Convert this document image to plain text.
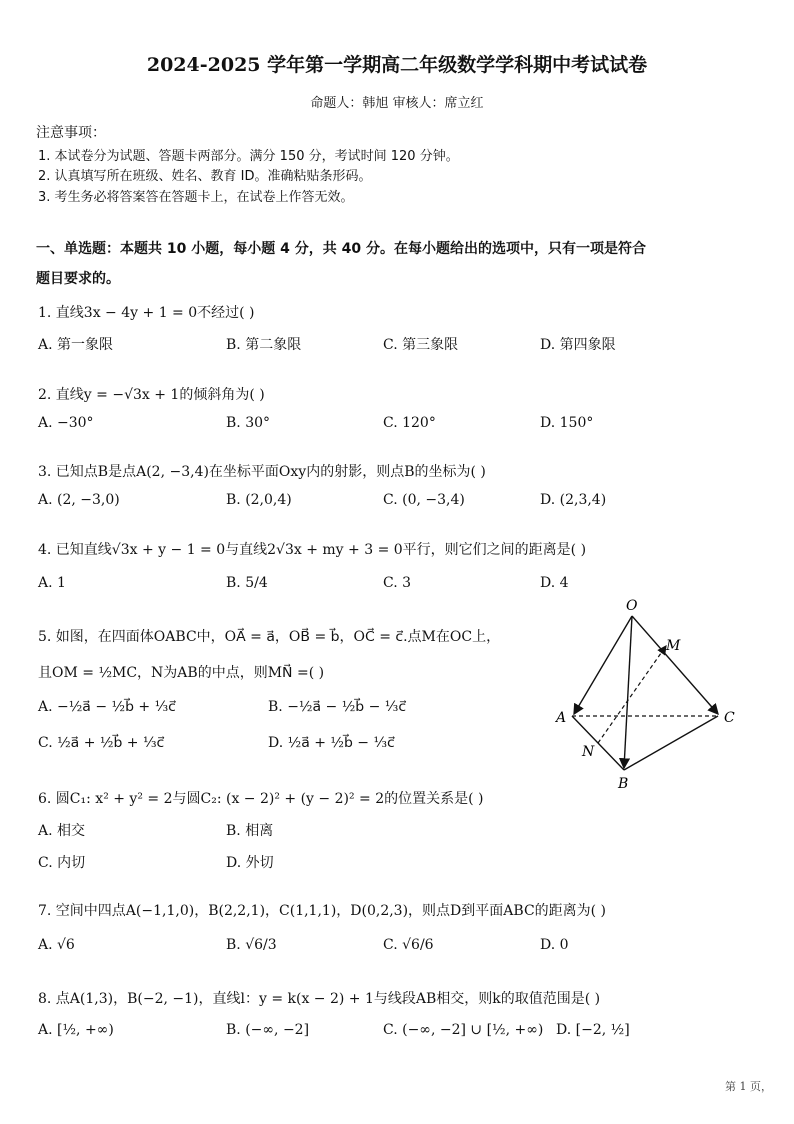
2024-2025 学年第一学期高二年级数学学科期中考试试卷
命题人：韩旭 审核人：席立红
注意事项：
1. 本试卷分为试题、答题卡两部分。满分 150 分，考试时间 120 分钟。
2. 认真填写所在班级、姓名、教育 ID。准确粘贴条形码。
3. 考生务必将答案答在答题卡上，在试卷上作答无效。
一、单选题：本题共 10 小题，每小题 4 分，共 40 分。在每小题给出的选项中，只有一项是符合
题目要求的。
1. 直线3x − 4y + 1 = 0不经过( )
A. 第一象限	B. 第二象限	C. 第三象限	D. 第四象限
2. 直线y = −√3x + 1的倾斜角为( )
A. −30°	B. 30°	C. 120°	D. 150°
3. 已知点B是点A(2, −3,4)在坐标平面Oxy内的射影，则点B的坐标为( )
A. (2, −3,0)	B. (2,0,4)	C. (0, −3,4)	D. (2,3,4)
4. 已知直线√3x + y − 1 = 0与直线2√3x + my + 3 = 0平行，则它们之间的距离是( )
A. 1	B. 5/4	C. 3	D. 4
5. 如图，在四面体OABC中，OA⃗ = a⃗，OB⃗ = b⃗，OC⃗ = c⃗.点M在OC上，
且OM = ½MC，N为AB的中点，则MN⃗ =( )
A. −½a⃗ − ½b⃗ + ⅓c⃗	B. −½a⃗ − ½b⃗ − ⅓c⃗
C. ½a⃗ + ½b⃗ + ⅓c⃗	D. ½a⃗ + ½b⃗ − ⅓c⃗
O
A
B
C
M
N
6. 圆C₁: x² + y² = 2与圆C₂: (x − 2)² + (y − 2)² = 2的位置关系是( )
A. 相交	B. 相离
C. 内切	D. 外切
7. 空间中四点A(−1,1,0)，B(2,2,1)，C(1,1,1)，D(0,2,3)，则点D到平面ABC的距离为( )
A. √6	B. √6/3	C. √6/6	D. 0
8. 点A(1,3)，B(−2, −1)，直线l：y = k(x − 2) + 1与线段AB相交，则k的取值范围是( )
A. [½, +∞)	B. (−∞, −2]	C. (−∞, −2] ∪ [½, +∞) D. [−2, ½]
第 1 页，
